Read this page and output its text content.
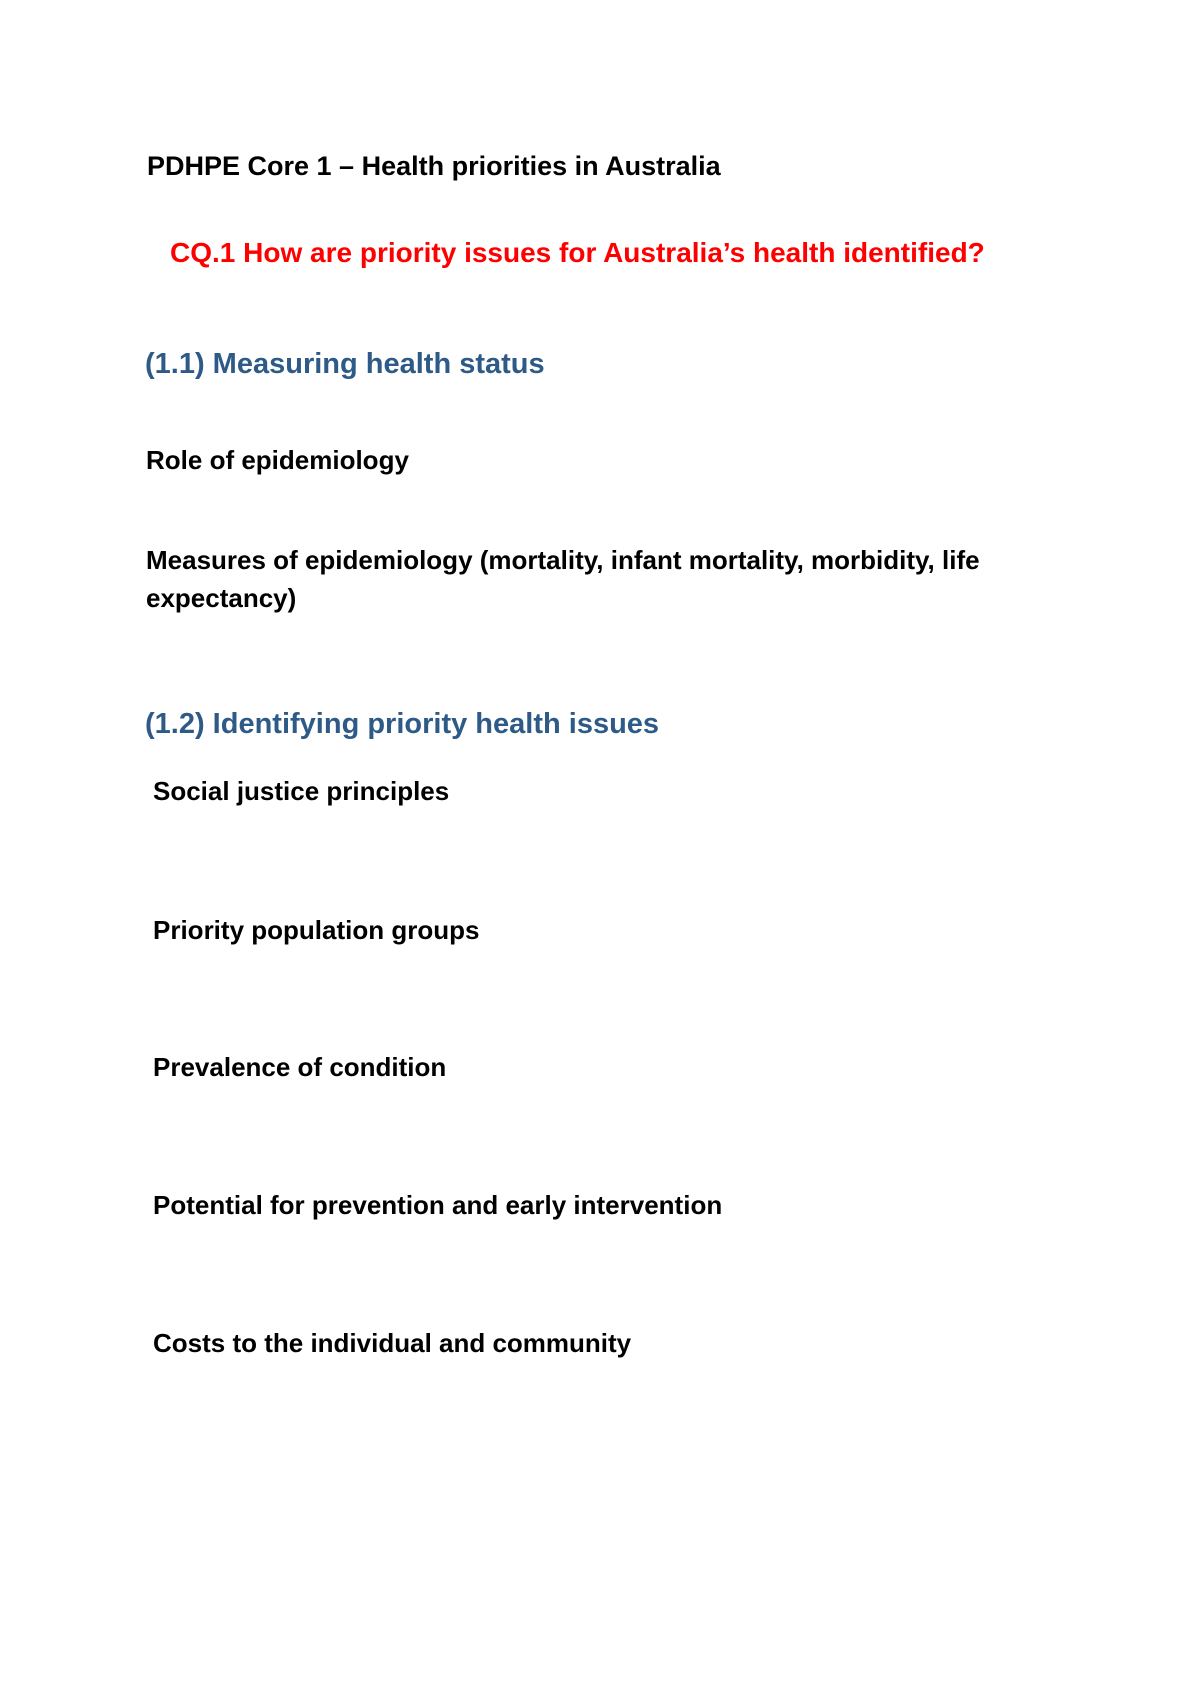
PDHPE Core 1 – Health priorities in Australia
CQ.1 How are priority issues for Australia’s health identified?
(1.1) Measuring health status
Role of epidemiology
Measures of epidemiology (mortality, infant mortality, morbidity, life expectancy)
(1.2) Identifying priority health issues
Social justice principles
Priority population groups
Prevalence of condition
Potential for prevention and early intervention
Costs to the individual and community
